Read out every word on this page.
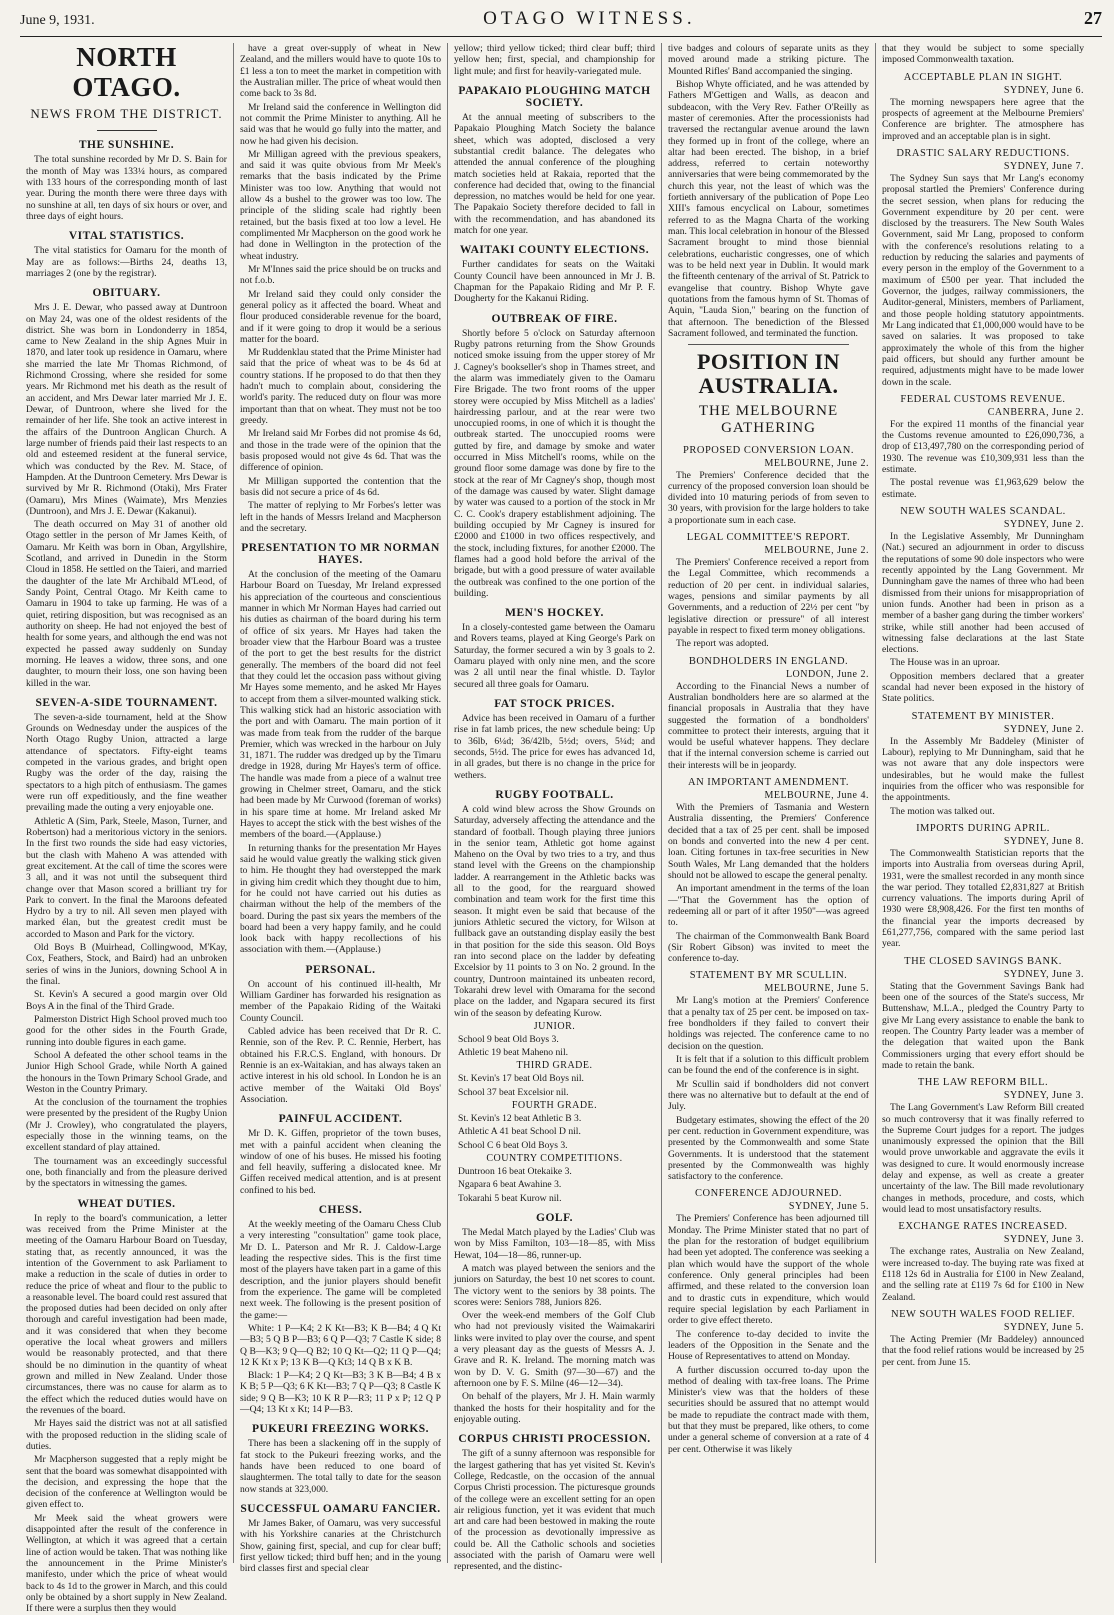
June 9, 1931.	OTAGO WITNESS.	27
NORTH OTAGO.
NEWS FROM THE DISTRICT.
THE SUNSHINE.

The total sunshine recorded by Mr D. S. Bain for the month of May was 133¼ hours, as compared with 133 hours of the corresponding month of last year. During the month there were three days with no sunshine at all, ten days of six hours or over, and three days of eight hours.

VITAL STATISTICS.

The vital statistics for Oamaru for the month of May are as follows:—Births 24, deaths 13, marriages 2 (one by the registrar).

OBITUARY.

Mrs J. E. Dewar, who passed away at Duntroon on May 24, was one of the oldest residents of the district. She was born in Londonderry in 1854, came to New Zealand in the ship Agnes Muir in 1870, and later took up residence in Oamaru, where she married the late Mr Thomas Richmond, of Richmond Crossing, where she resided for some years. Mr Richmond met his death as the result of an accident, and Mrs Dewar later married Mr J. E. Dewar, of Duntroon, where she lived for the remainder of her life. She took an active interest in the affairs of the Duntroon Anglican Church. A large number of friends paid their last respects to an old and esteemed resident at the funeral service, which was conducted by the Rev. M. Stace, of Hampden. At the Duntroon Cemetery. Mrs Dewar is survived by Mr R. Richmond (Otaki), Mrs Frater (Oamaru), Mrs Mines (Waimate), Mrs Menzies (Duntroon), and Mrs J. E. Dewar (Kakanui).

The death occurred on May 31 of another old Otago settler in the person of Mr James Keith, of Oamaru. Mr Keith was born in Oban, Argyllshire, Scotland, and arrived in Dunedin in the Storm Cloud in 1858. He settled on the Taieri, and married the daughter of the late Mr Archibald M'Leod, of Sandy Point, Central Otago. Mr Keith came to Oamaru in 1904 to take up farming. He was of a quiet, retiring disposition, but was recognised as an authority on sheep. He had not enjoyed the best of health for some years, and although the end was not expected he passed away suddenly on Sunday morning. He leaves a widow, three sons, and one daughter, to mourn their loss, one son having been killed in the war.

SEVEN-A-SIDE TOURNAMENT.

The seven-a-side tournament, held at the Show Grounds on Wednesday under the auspices of the North Otago Rugby Union, attracted a large attendance of spectators. Fifty-eight teams competed in the various grades, and bright open Rugby was the order of the day, raising the spectators to a high pitch of enthusiasm. The games were run off expeditiously, and the fine weather prevailing made the outing a very enjoyable one.

Athletic A (Sim, Park, Steele, Mason, Turner, and Robertson) had a meritorious victory in the seniors. In the first two rounds the side had easy victories, but the clash with Maheno A was attended with great excitement. At the call of time the scores were 3 all, and it was not until the subsequent third change over that Mason scored a brilliant try for Park to convert. In the final the Maroons defeated Hydro by a try to nil. All seven men played with marked élan, but the greatest credit must be accorded to Mason and Park for the victory.

Old Boys B (Muirhead, Collingwood, M'Kay, Cox, Feathers, Stock, and Baird) had an unbroken series of wins in the Juniors, downing School A in the final.

St. Kevin's A secured a good margin over Old Boys A in the final of the Third Grade.

Palmerston District High School proved much too good for the other sides in the Fourth Grade, running into double figures in each game.

School A defeated the other school teams in the Junior High School Grade, while North A gained the honours in the Town Primary School Grade, and Weston in the Country Primary.

At the conclusion of the tournament the trophies were presented by the president of the Rugby Union (Mr J. Crowley), who congratulated the players, especially those in the winning teams, on the excellent standard of play attained.

The tournament was an exceedingly successful one, both financially and from the pleasure derived by the spectators in witnessing the games.

WHEAT DUTIES.

In reply to the board's communication, a letter was received from the Prime Minister at the meeting of the Oamaru Harbour Board on Tuesday, stating that, as recently announced, it was the intention of the Government to ask Parliament to make a reduction in the scale of duties in order to reduce the price of wheat and flour to the public to a reasonable level. The board could rest assured that the proposed duties had been decided on only after thorough and careful investigation had been made, and it was considered that when they become operative the local wheat growers and millers would be reasonably protected, and that there should be no diminution in the quantity of wheat grown and milled in New Zealand. Under those circumstances, there was no cause for alarm as to the effect which the reduced duties would have on the revenues of the board.

Mr Hayes said the district was not at all satisfied with the proposed reduction in the sliding scale of duties.

Mr Macpherson suggested that a reply might be sent that the board was somewhat disappointed with the decision, and expressing the hope that the decision of the conference at Wellington would be given effect to.

Mr Meek said the wheat growers were disappointed after the result of the conference in Wellington, at which it was agreed that a certain line of action would be taken. That was nothing like the announcement in the Prime Minister's manifesto, under which the price of wheat would back to 4s 1d to the grower in March, and this could only be obtained by a short supply in New Zealand. If there were a surplus then they would

have a great over-supply of wheat in New Zealand, and the millers would have to quote 10s to £1 less a ton to meet the market in competition with the Australian miller. The price of wheat would then come back to 3s 8d.

Mr Ireland said the conference in Wellington did not commit the Prime Minister to anything. All he said was that he would go fully into the matter, and now he had given his decision.

Mr Milligan agreed with the previous speakers, and said it was quite obvious from Mr Meek's remarks that the basis indicated by the Prime Minister was too low. Anything that would not allow 4s a bushel to the grower was too low. The principle of the sliding scale had rightly been retained, but the basis fixed at too low a level. He complimented Mr Macpherson on the good work he had done in Wellington in the protection of the wheat industry.

Mr M'Innes said the price should be on trucks and not f.o.b.

Mr Ireland said they could only consider the general policy as it affected the board. Wheat and flour produced considerable revenue for the board, and if it were going to drop it would be a serious matter for the board.

Mr Ruddenklau stated that the Prime Minister had said that the price of wheat was to be 4s 6d at country stations. If he proposed to do that then they hadn't much to complain about, considering the world's parity. The reduced duty on flour was more important than that on wheat. They must not be too greedy.

Mr Ireland said Mr Forbes did not promise 4s 6d, and those in the trade were of the opinion that the basis proposed would not give 4s 6d. That was the difference of opinion.

Mr Milligan supported the contention that the basis did not secure a price of 4s 6d.

The matter of replying to Mr Forbes's letter was left in the hands of Messrs Ireland and Macpherson and the secretary.

PRESENTATION TO MR NORMAN HAYES.

At the conclusion of the meeting of the Oamaru Harbour Board on Tuesday, Mr Ireland expressed his appreciation of the courteous and conscientious manner in which Mr Norman Hayes had carried out his duties as chairman of the board during his term of office of six years. Mr Hayes had taken the broader view that the Harbour Board was a trustee of the port to get the best results for the district generally. The members of the board did not feel that they could let the occasion pass without giving Mr Hayes some memento, and he asked Mr Hayes to accept from them a silver-mounted walking stick. This walking stick had an historic association with the port and with Oamaru. The main portion of it was made from teak from the rudder of the barque Premier, which was wrecked in the harbour on July 31, 1871. The rudder was dredged up by the Timaru dredge in 1928, during Mr Hayes's term of office. The handle was made from a piece of a walnut tree growing in Chelmer street, Oamaru, and the stick had been made by Mr Curwood (foreman of works) in his spare time at home. Mr Ireland asked Mr Hayes to accept the stick with the best wishes of the members of the board.—(Applause.)

In returning thanks for the presentation Mr Hayes said he would value greatly the walking stick given to him. He thought they had overstepped the mark in giving him credit which they thought due to him, for he could not have carried out his duties as chairman without the help of the members of the board. During the past six years the members of the board had been a very happy family, and he could look back with happy recollections of his association with them.—(Applause.)

PERSONAL.

On account of his continued ill-health, Mr William Gardiner has forwarded his resignation as member of the Papakaio Riding of the Waitaki County Council.

Cabled advice has been received that Dr R. C. Rennie, son of the Rev. P. C. Rennie, Herbert, has obtained his F.R.C.S. England, with honours. Dr Rennie is an ex-Waitakian, and has always taken an active interest in his old school. In London he is an active member of the Waitaki Old Boys' Association.

PAINFUL ACCIDENT.

Mr D. K. Giffen, proprietor of the town buses, met with a painful accident when cleaning the window of one of his buses. He missed his footing and fell heavily, suffering a dislocated knee. Mr Giffen received medical attention, and is at present confined to his bed.

CHESS.

At the weekly meeting of the Oamaru Chess Club a very interesting "consultation" game took place, Mr D. L. Paterson and Mr R. J. Caldow-Large leading the respective sides. This is the first time most of the players have taken part in a game of this description, and the junior players should benefit from the experience. The game will be completed next week. The following is the present position of the game:—

White: 1 P—K4; 2 K Kt—B3; K B—B4; 4 Q Kt—B3; 5 Q B P—B3; 6 Q P—Q3; 7 Castle K side; 8 Q B—K3; 9 Q—Q B2; 10 Q Kt—Q2; 11 Q P—Q4; 12 K Kt x P; 13 K B—Q Kt3; 14 Q B x K B.

Black: 1 P—K4; 2 Q Kt—B3; 3 K B—B4; 4 B x K B; 5 P—Q3; 6 K Kt—B3; 7 Q P—Q3; 8 Castle K side; 9 Q B—K3; 10 K R P—R3; 11 P x P; 12 Q P—Q4; 13 Kt x Kt; 14 P—B3.

PUKEURI FREEZING WORKS.

There has been a slackening off in the supply of fat stock to the Pukeuri freezing works, and the hands have been reduced to one board of slaughtermen. The total tally to date for the season now stands at 323,000.

SUCCESSFUL OAMARU FANCIER.

Mr James Baker, of Oamaru, was very successful with his Yorkshire canaries at the Christchurch Show, gaining first, special, and cup for clear buff; first yellow ticked; third buff hen; and in the young bird classes first and special clear

yellow; third yellow ticked; third clear buff; third yellow hen; first, special, and championship for light mule; and first for heavily-variegated mule.

PAPAKAIO PLOUGHING MATCH SOCIETY.

At the annual meeting of subscribers to the Papakaio Ploughing Match Society the balance sheet, which was adopted, disclosed a very substantial credit balance. The delegates who attended the annual conference of the ploughing match societies held at Rakaia, reported that the conference had decided that, owing to the financial depression, no matches would be held for one year. The Papakaio Society therefore decided to fall in with the recommendation, and has abandoned its match for one year.

WAITAKI COUNTY ELECTIONS.

Further candidates for seats on the Waitaki County Council have been announced in Mr J. B. Chapman for the Papakaio Riding and Mr P. F. Dougherty for the Kakanui Riding.

OUTBREAK OF FIRE.

Shortly before 5 o'clock on Saturday afternoon Rugby patrons returning from the Show Grounds noticed smoke issuing from the upper storey of Mr J. Cagney's bookseller's shop in Thames street, and the alarm was immediately given to the Oamaru Fire Brigade. The two front rooms of the upper storey were occupied by Miss Mitchell as a ladies' hairdressing parlour, and at the rear were two unoccupied rooms, in one of which it is thought the outbreak started. The unoccupied rooms were gutted by fire, and damage by smoke and water occurred in Miss Mitchell's rooms, while on the ground floor some damage was done by fire to the stock at the rear of Mr Cagney's shop, though most of the damage was caused by water. Slight damage by water was caused to a portion of the stock in Mr C. C. Cook's drapery establishment adjoining. The building occupied by Mr Cagney is insured for £2000 and £1000 in two offices respectively, and the stock, including fixtures, for another £2000. The flames had a good hold before the arrival of the brigade, but with a good pressure of water available the outbreak was confined to the one portion of the building.

MEN'S HOCKEY.

In a closely-contested game between the Oamaru and Rovers teams, played at King George's Park on Saturday, the former secured a win by 3 goals to 2. Oamaru played with only nine men, and the score was 2 all until near the final whistle. D. Taylor secured all three goals for Oamaru.

FAT STOCK PRICES.

Advice has been received in Oamaru of a further rise in fat lamb prices, the new schedule being: Up to 36lb, 6¼d; 36/42lb, 5½d; overs, 5¼d; and seconds, 5½d. The price for ewes has advanced 1d, in all grades, but there is no change in the price for wethers.

RUGBY FOOTBALL.

A cold wind blew across the Show Grounds on Saturday, adversely affecting the attendance and the standard of football. Though playing three juniors in the senior team, Athletic got home against Maheno on the Oval by two tries to a try, and thus stand level with the Greens on the championship ladder. A rearrangement in the Athletic backs was all to the good, for the rearguard showed combination and team work for the first time this season. It might even be said that because of the juniors Athletic secured the victory, for Wilson at fullback gave an outstanding display easily the best in that position for the side this season. Old Boys ran into second place on the ladder by defeating Excelsior by 11 points to 3 on No. 2 ground. In the country, Duntroon maintained its unbeaten record, Tokarahi drew level with Omarama for the second place on the ladder, and Ngapara secured its first win of the season by defeating Kurow.

JUNIOR.

School 9 beat Old Boys 3.

Athletic 19 beat Maheno nil.

THIRD GRADE.

St. Kevin's 17 beat Old Boys nil.

School 37 beat Excelsior nil.

FOURTH GRADE.

St. Kevin's 12 beat Athletic B 3.

Athletic A 41 beat School D nil.

School C 6 beat Old Boys 3.

COUNTRY COMPETITIONS.

Duntroon 16 beat Otekaike 3.

Ngapara 6 beat Awahine 3.

Tokarahi 5 beat Kurow nil.

GOLF.

The Medal Match played by the Ladies' Club was won by Miss Familton, 103—18—85, with Miss Hewat, 104—18—86, runner-up.

A match was played between the seniors and the juniors on Saturday, the best 10 net scores to count. The victory went to the seniors by 38 points. The scores were: Seniors 788, Juniors 826.

Over the week-end members of the Golf Club who had not previously visited the Waimakariri links were invited to play over the course, and spent a very pleasant day as the guests of Messrs A. J. Grave and R. K. Ireland. The morning match was won by D. V. G. Smith (97—30—67) and the afternoon one by F. S. Milne (46—12—34).

On behalf of the players, Mr J. H. Main warmly thanked the hosts for their hospitality and for the enjoyable outing.

CORPUS CHRISTI PROCESSION.

The gift of a sunny afternoon was responsible for the largest gathering that has yet visited St. Kevin's College, Redcastle, on the occasion of the annual Corpus Christi procession. The picturesque grounds of the college were an excellent setting for an open air religious function, yet it was evident that much art and care had been bestowed in making the route of the procession as devotionally impressive as could be. All the Catholic schools and societies associated with the parish of Oamaru were well represented, and the distinc-

tive badges and colours of separate units as they moved around made a striking picture. The Mounted Rifles' Band accompanied the singing.

Bishop Whyte officiated, and he was attended by Fathers M'Gettigen and Walls, as deacon and subdeacon, with the Very Rev. Father O'Reilly as master of ceremonies. After the processionists had traversed the rectangular avenue around the lawn they formed up in front of the college, where an altar had been erected. The bishop, in a brief address, referred to certain noteworthy anniversaries that were being commemorated by the church this year, not the least of which was the fortieth anniversary of the publication of Pope Leo XIII's famous encyclical on Labour, sometimes referred to as the Magna Charta of the working man. This local celebration in honour of the Blessed Sacrament brought to mind those biennial celebrations, eucharistic congresses, one of which was to be held next year in Dublin. It would mark the fifteenth centenary of the arrival of St. Patrick to evangelise that country. Bishop Whyte gave quotations from the famous hymn of St. Thomas of Aquin, "Lauda Sion," bearing on the function of that afternoon. The benediction of the Blessed Sacrament followed, and terminated the function.

POSITION IN AUSTRALIA.
THE MELBOURNE GATHERING
PROPOSED CONVERSION LOAN.
MELBOURNE, June 2.

The Premiers' Conference decided that the currency of the proposed conversion loan should be divided into 10 maturing periods of from seven to 30 years, with provision for the large holders to take a proportionate sum in each case.

LEGAL COMMITTEE'S REPORT.
MELBOURNE, June 2.

The Premiers' Conference received a report from the Legal Committee, which recommends a reduction of 20 per cent. in individual salaries, wages, pensions and similar payments by all Governments, and a reduction of 22½ per cent "by legislative direction or pressure" of all interest payable in respect to fixed term money obligations.

The report was adopted.

BONDHOLDERS IN ENGLAND.
LONDON, June 2.

According to the Financial News a number of Australian bondholders here are so alarmed at the financial proposals in Australia that they have suggested the formation of a bondholders' committee to protect their interests, arguing that it would be useful whatever happens. They declare that if the internal conversion scheme is carried out their interests will be in jeopardy.

AN IMPORTANT AMENDMENT.
MELBOURNE, June 4.

With the Premiers of Tasmania and Western Australia dissenting, the Premiers' Conference decided that a tax of 25 per cent. shall be imposed on bonds and converted into the new 4 per cent. loan. Citing fortunes in tax-free securities in New South Wales, Mr Lang demanded that the holders should not be allowed to escape the general penalty.

An important amendment in the terms of the loan—"That the Government has the option of redeeming all or part of it after 1950"—was agreed to.

The chairman of the Commonwealth Bank Board (Sir Robert Gibson) was invited to meet the conference to-day.

STATEMENT BY MR SCULLIN.
MELBOURNE, June 5.

Mr Lang's motion at the Premiers' Conference that a penalty tax of 25 per cent. be imposed on tax-free bondholders if they failed to convert their holdings was rejected. The conference came to no decision on the question.

It is felt that if a solution to this difficult problem can be found the end of the conference is in sight.

Mr Scullin said if bondholders did not convert there was no alternative but to default at the end of July.

Budgetary estimates, showing the effect of the 20 per cent. reduction in Government expenditure, was presented by the Commonwealth and some State Governments. It is understood that the statement presented by the Commonwealth was highly satisfactory to the conference.

CONFERENCE ADJOURNED.
SYDNEY, June 5.

The Premiers' Conference has been adjourned till Monday. The Prime Minister stated that no part of the plan for the restoration of budget equilibrium had been yet adopted. The conference was seeking a plan which would have the support of the whole conference. Only general principles had been affirmed, and these related to the conversion loan and to drastic cuts in expenditure, which would require special legislation by each Parliament in order to give effect thereto.

The conference to-day decided to invite the leaders of the Opposition in the Senate and the House of Representatives to attend on Monday.

A further discussion occurred to-day upon the method of dealing with tax-free loans. The Prime Minister's view was that the holders of these securities should be assured that no attempt would be made to repudiate the contract made with them, but that they must be prepared, like others, to come under a general scheme of conversion at a rate of 4 per cent. Otherwise it was likely

that they would be subject to some specially imposed Commonwealth taxation.

ACCEPTABLE PLAN IN SIGHT.
SYDNEY, June 6.

The morning newspapers here agree that the prospects of agreement at the Melbourne Premiers' Conference are brighter. The atmosphere has improved and an acceptable plan is in sight.

DRASTIC SALARY REDUCTIONS.
SYDNEY, June 7.

The Sydney Sun says that Mr Lang's economy proposal startled the Premiers' Conference during the secret session, when plans for reducing the Government expenditure by 20 per cent. were disclosed by the treasurers. The New South Wales Government, said Mr Lang, proposed to conform with the conference's resolutions relating to a reduction by reducing the salaries and payments of every person in the employ of the Government to a maximum of £500 per year. That included the Governor, the judges, railway commissioners, the Auditor-general, Ministers, members of Parliament, and those people holding statutory appointments. Mr Lang indicated that £1,000,000 would have to be saved on salaries. It was proposed to take approximately the whole of this from the higher paid officers, but should any further amount be required, adjustments might have to be made lower down in the scale.

FEDERAL CUSTOMS REVENUE.
CANBERRA, June 2.

For the expired 11 months of the financial year the Customs revenue amounted to £26,090,736, a drop of £13,497,780 on the corresponding period of 1930. The revenue was £10,309,931 less than the estimate.

The postal revenue was £1,963,629 below the estimate.

NEW SOUTH WALES SCANDAL.
SYDNEY, June 2.

In the Legislative Assembly, Mr Dunningham (Nat.) secured an adjournment in order to discuss the reputations of some 90 dole inspectors who were recently appointed by the Lang Government. Mr Dunningham gave the names of three who had been dismissed from their unions for misappropriation of union funds. Another had been in prison as a member of a basher gang during the timber workers' strike, while still another had been accused of witnessing false declarations at the last State elections.

The House was in an uproar.

Opposition members declared that a greater scandal had never been exposed in the history of State politics.

STATEMENT BY MINISTER.
SYDNEY, June 2.

In the Assembly Mr Baddeley (Minister of Labour), replying to Mr Dunningham, said that he was not aware that any dole inspectors were undesirables, but he would make the fullest inquiries from the officer who was responsible for the appointments.

The motion was talked out.

IMPORTS DURING APRIL.
SYDNEY, June 8.

The Commonwealth Statistician reports that the imports into Australia from overseas during April, 1931, were the smallest recorded in any month since the war period. They totalled £2,831,827 at British currency valuations. The imports during April of 1930 were £8,908,426. For the first ten months of the financial year the imports decreased by £61,277,756, compared with the same period last year.

THE CLOSED SAVINGS BANK.
SYDNEY, June 3.

Stating that the Government Savings Bank had been one of the sources of the State's success, Mr Buttenshaw, M.L.A., pledged the Country Party to give Mr Lang every assistance to enable the bank to reopen. The Country Party leader was a member of the delegation that waited upon the Bank Commissioners urging that every effort should be made to retain the bank.

THE LAW REFORM BILL.
SYDNEY, June 3.

The Lang Government's Law Reform Bill created so much controversy that it was finally referred to the Supreme Court judges for a report. The judges unanimously expressed the opinion that the Bill would prove unworkable and aggravate the evils it was designed to cure. It would enormously increase delay and expense, as well as create a greater uncertainty of the law. The Bill made revolutionary changes in methods, procedure, and costs, which would lead to most unsatisfactory results.

EXCHANGE RATES INCREASED.
SYDNEY, June 3.

The exchange rates, Australia on New Zealand, were increased to-day. The buying rate was fixed at £118 12s 6d in Australia for £100 in New Zealand, and the selling rate at £119 7s 6d for £100 in New Zealand.

NEW SOUTH WALES FOOD RELIEF.
SYDNEY, June 5.

The Acting Premier (Mr Baddeley) announced that the food relief rations would be increased by 25 per cent. from June 15.
